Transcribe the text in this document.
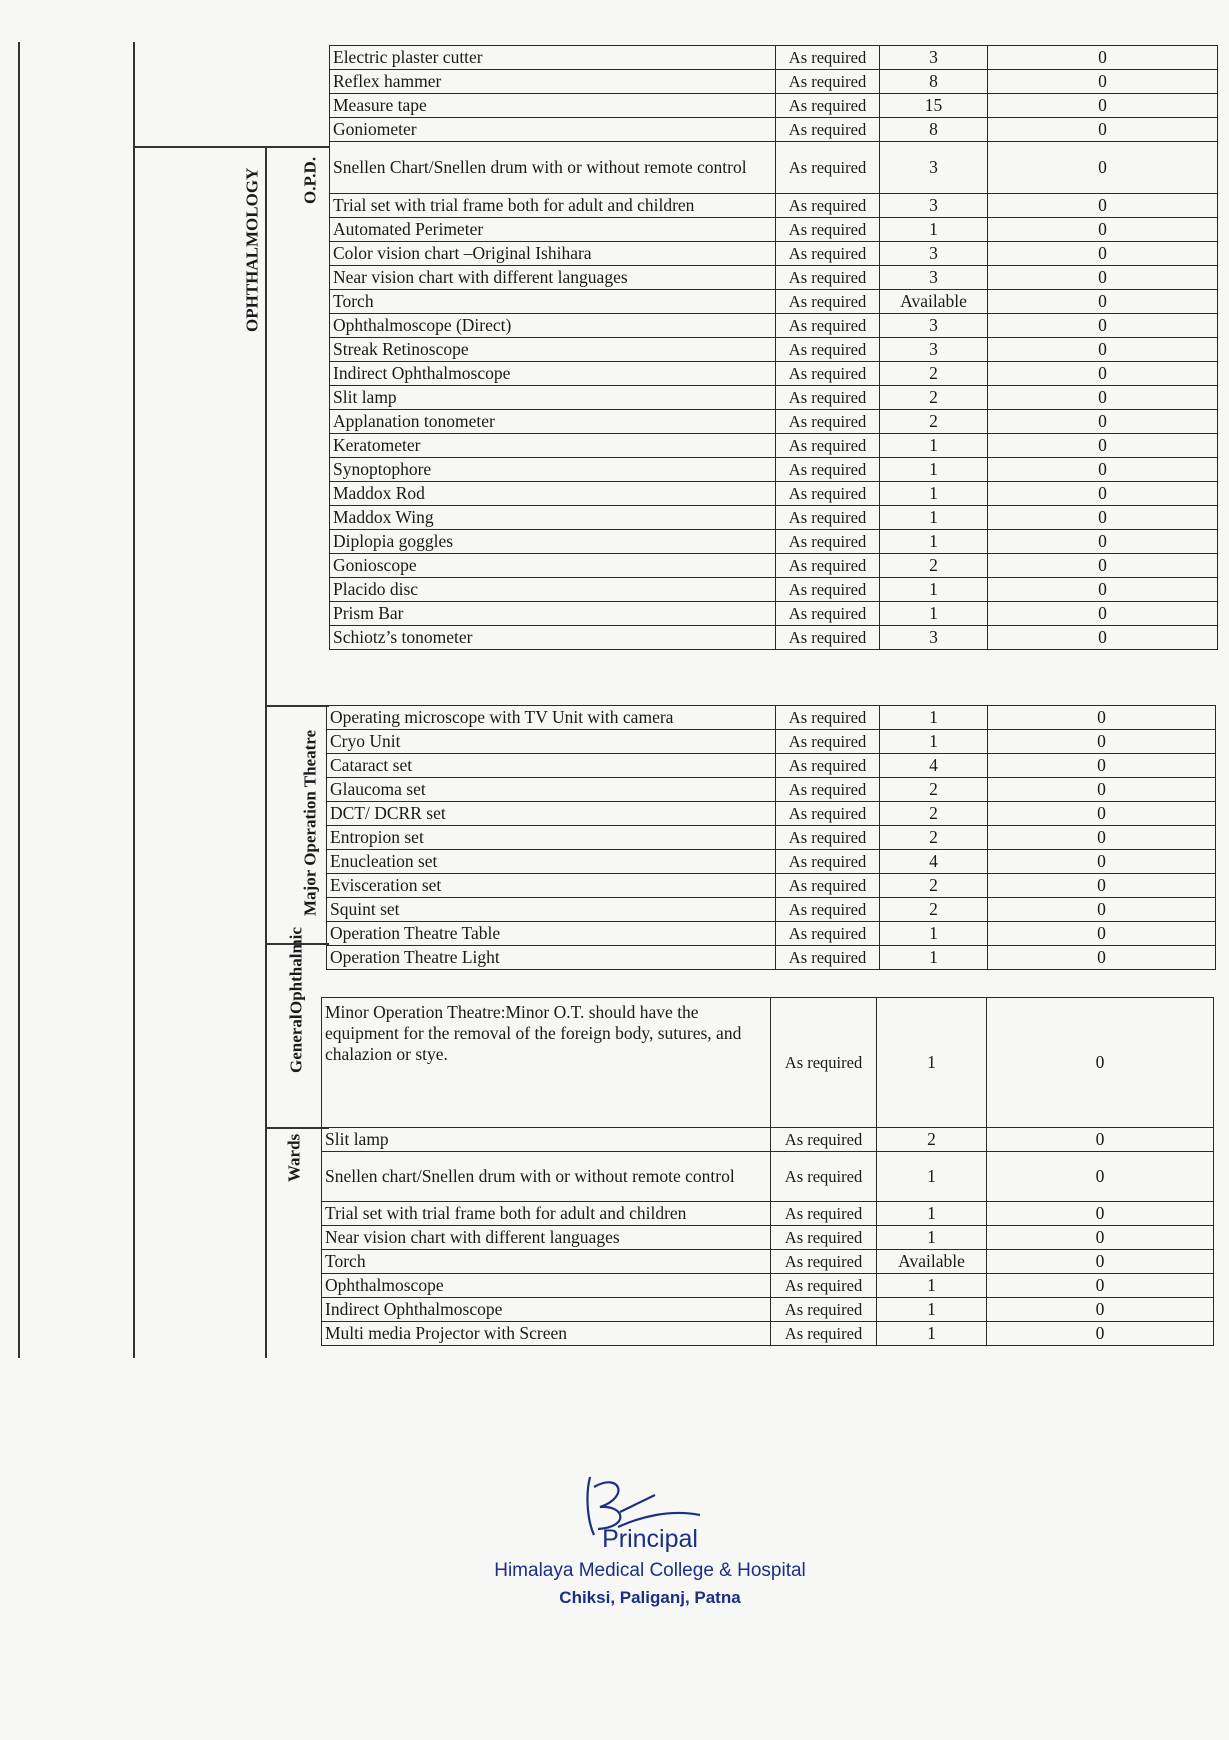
OPHTHALMOLOGY	O.P.D.
Major Operation Theatre
General
Ophthalmic
Wards
Electric plaster cutter	As required	3	0
Reflex hammer	As required	8	0
Measure tape	As required	15	0
Goniometer	As required	8	0
Snellen Chart/Snellen drum with or without remote control	As required	3	0
Trial set with trial frame both for adult and children	As required	3	0
Automated Perimeter	As required	1	0
Color vision chart –Original Ishihara	As required	3	0
Near vision chart with different languages	As required	3	0
Torch	As required	Available	0
Ophthalmoscope (Direct)	As required	3	0
Streak Retinoscope	As required	3	0
Indirect Ophthalmoscope	As required	2	0
Slit lamp	As required	2	0
Applanation tonometer	As required	2	0
Keratometer	As required	1	0
Synoptophore	As required	1	0
Maddox Rod	As required	1	0
Maddox Wing	As required	1	0
Diplopia goggles	As required	1	0
Gonioscope	As required	2	0
Placido disc	As required	1	0
Prism Bar	As required	1	0
Schiotz’s tonometer	As required	3	0
Operating microscope with TV Unit with camera	As required	1	0
Cryo Unit	As required	1	0
Cataract set	As required	4	0
Glaucoma set	As required	2	0
DCT/ DCRR set	As required	2	0
Entropion set	As required	2	0
Enucleation set	As required	4	0
Evisceration set	As required	2	0
Squint set	As required	2	0
Operation Theatre Table	As required	1	0
Operation Theatre Light	As required	1	0
Minor Operation Theatre:Minor O.T. should have the equipment for the removal of the foreign body, sutures, and chalazion or stye.	As required	1	0
Slit lamp	As required	2	0
Snellen chart/Snellen drum with or without remote control	As required	1	0
Trial set with trial frame both for adult and children	As required	1	0
Near vision chart with different languages	As required	1	0
Torch	As required	Available	0
Ophthalmoscope	As required	1	0
Indirect Ophthalmoscope	As required	1	0
Multi media Projector with Screen	As required	1	0
Principal
Himalaya Medical College & Hospital
Chiksi, Paliganj, Patna
